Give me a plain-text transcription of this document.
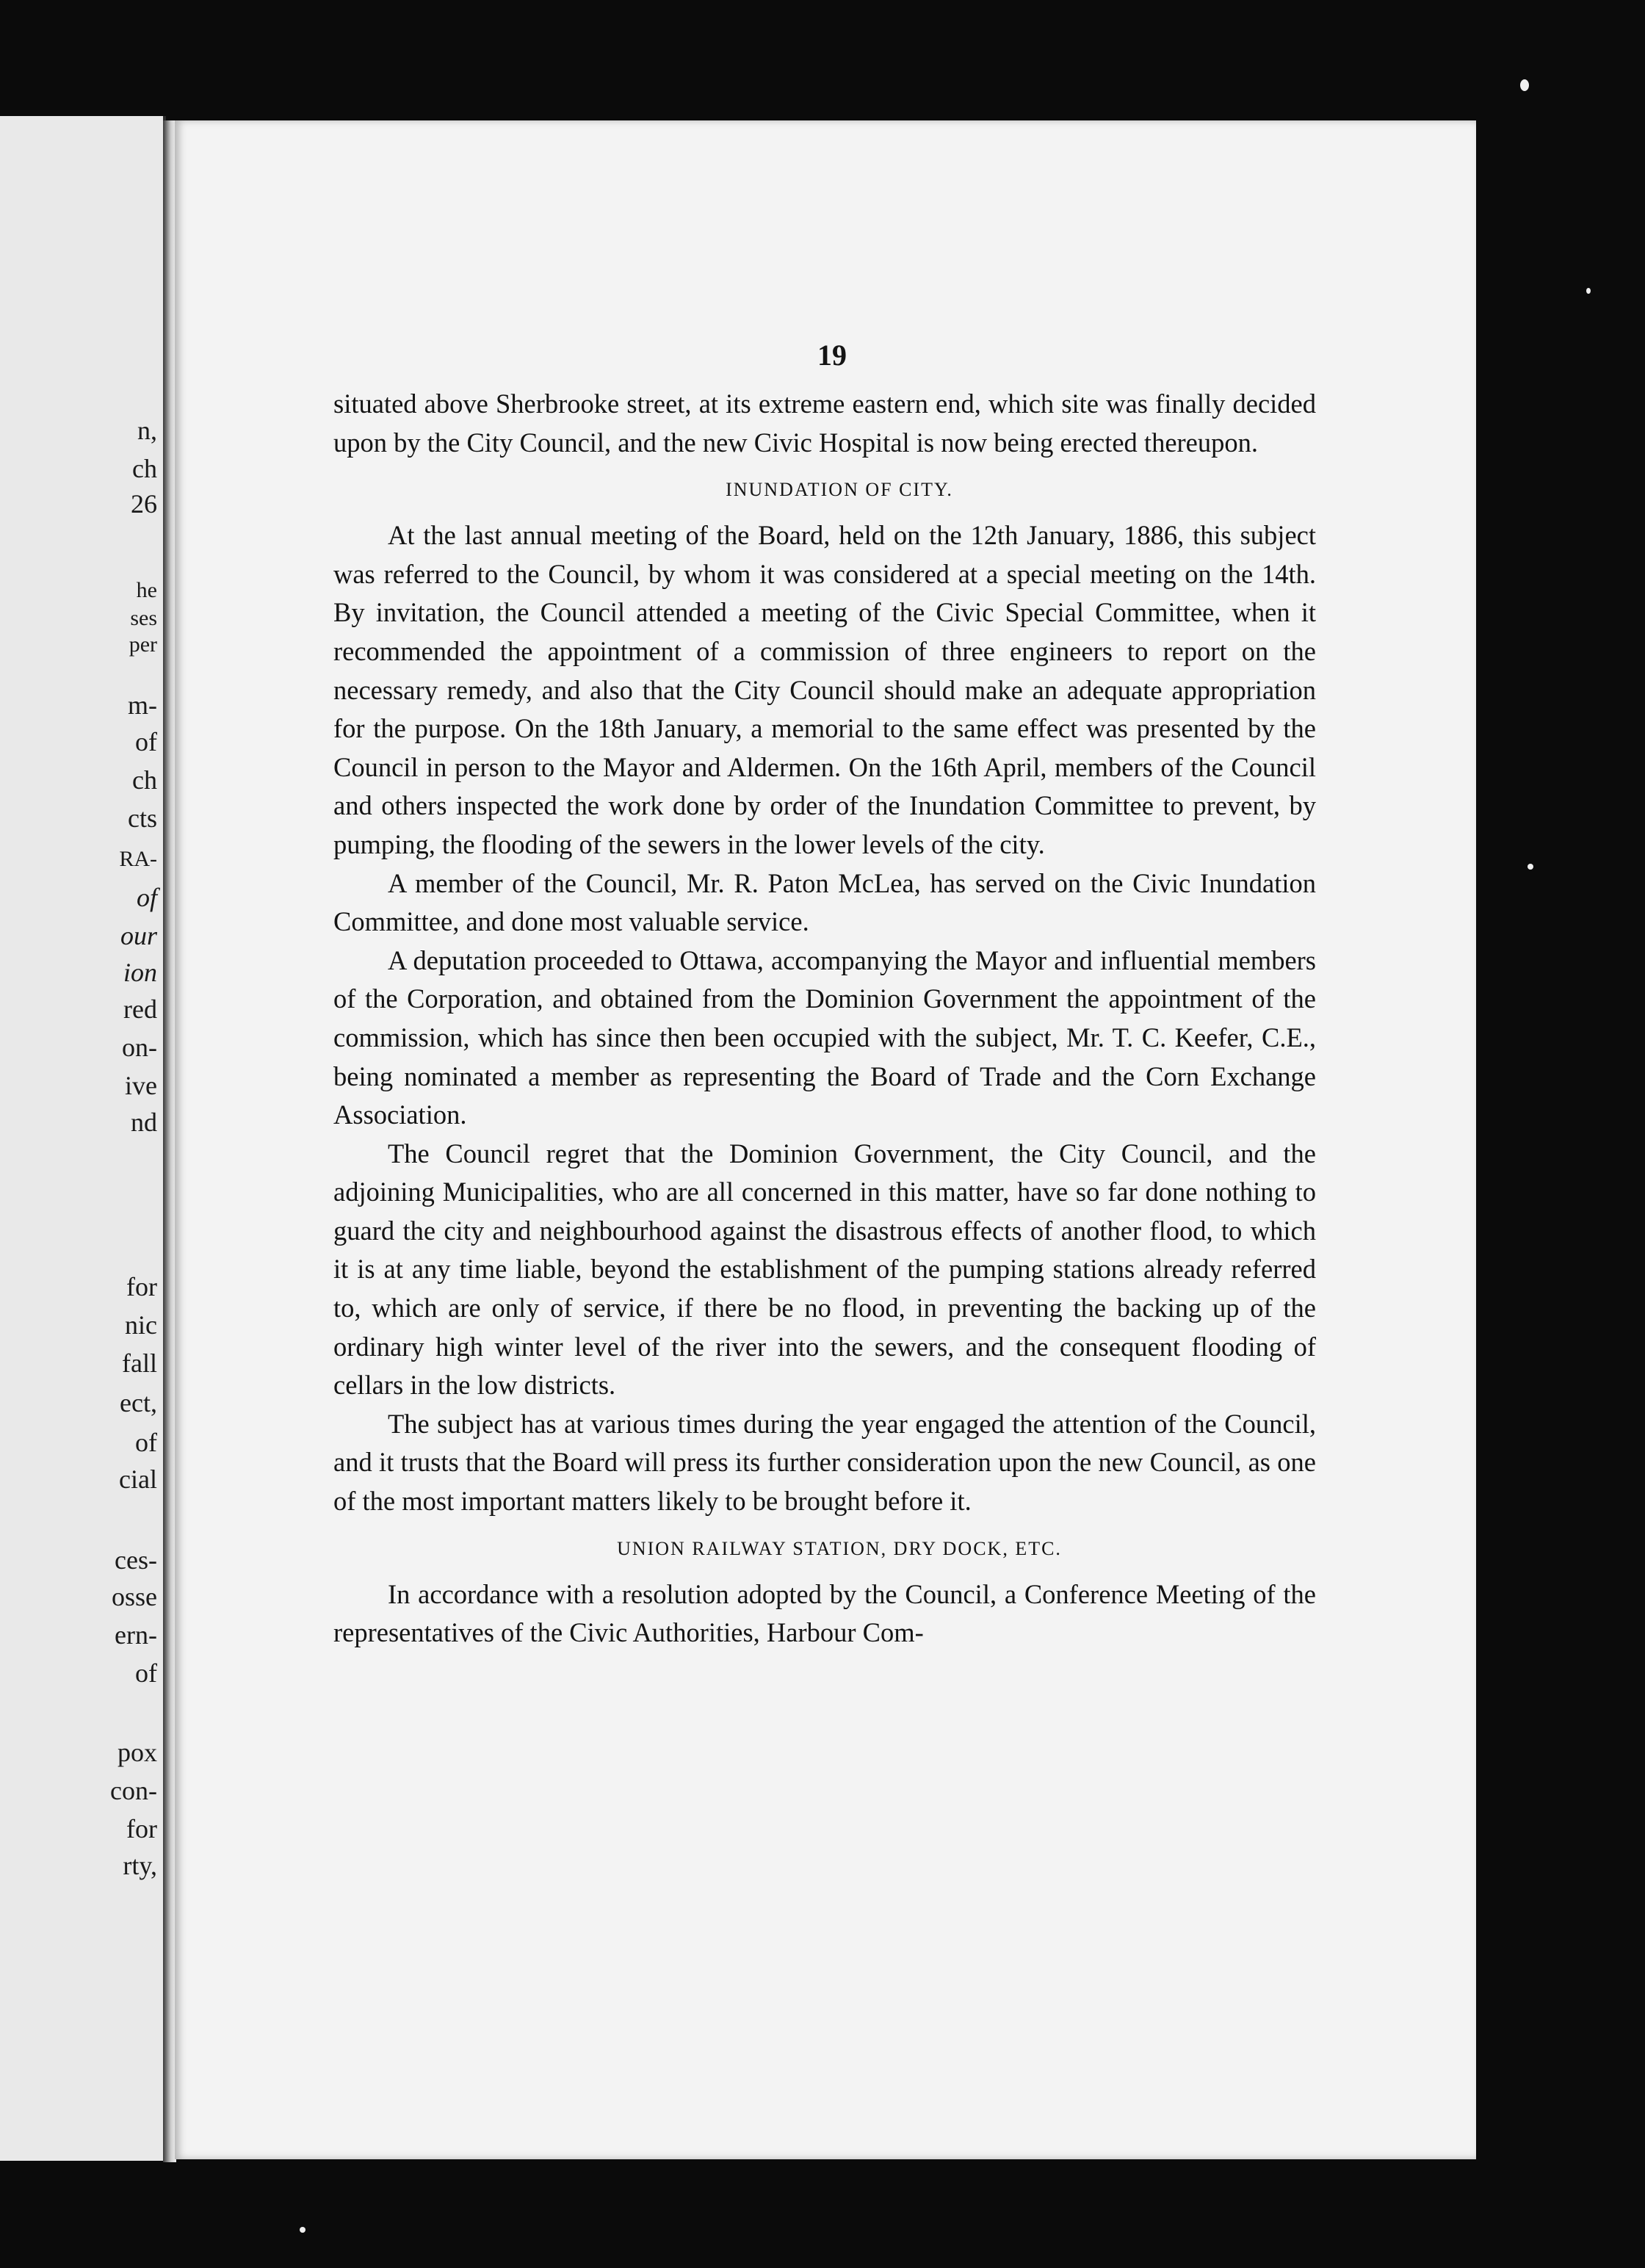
n,
ch
26
he
ses
per
m-
of
ch
cts
RA-
of
our
ion
red
on-
ive
nd
for
nic
fall
ect,
of
cial
ces-
osse
ern-
of
pox
con-
for
rty,
19

situated above Sherbrooke street, at its extreme eastern end, which site was finally decided upon by the City Council, and the new Civic Hospital is now being erected thereupon.

INUNDATION OF CITY.

At the last annual meeting of the Board, held on the 12th January, 1886, this subject was referred to the Council, by whom it was considered at a special meeting on the 14th. By invitation, the Council attended a meeting of the Civic Special Committee, when it recommended the appointment of a commission of three engineers to report on the necessary remedy, and also that the City Council should make an adequate appropriation for the purpose. On the 18th January, a memorial to the same effect was presented by the Council in person to the Mayor and Aldermen. On the 16th April, members of the Council and others inspected the work done by order of the Inundation Committee to prevent, by pumping, the flooding of the sewers in the lower levels of the city.

A member of the Council, Mr. R. Paton McLea, has served on the Civic Inundation Committee, and done most valuable service.

A deputation proceeded to Ottawa, accompanying the Mayor and influential members of the Corporation, and obtained from the Dominion Government the appointment of the commission, which has since then been occupied with the subject, Mr. T. C. Keefer, C.E., being nominated a member as representing the Board of Trade and the Corn Exchange Association.

The Council regret that the Dominion Government, the City Council, and the adjoining Municipalities, who are all concerned in this matter, have so far done nothing to guard the city and neighbourhood against the disastrous effects of another flood, to which it is at any time liable, beyond the establishment of the pumping stations already referred to, which are only of service, if there be no flood, in preventing the backing up of the ordinary high winter level of the river into the sewers, and the consequent flooding of cellars in the low districts.

The subject has at various times during the year engaged the attention of the Council, and it trusts that the Board will press its further consideration upon the new Council, as one of the most important matters likely to be brought before it.

UNION RAILWAY STATION, DRY DOCK, ETC.

In accordance with a resolution adopted by the Council, a Conference Meeting of the representatives of the Civic Authorities, Harbour Com-
